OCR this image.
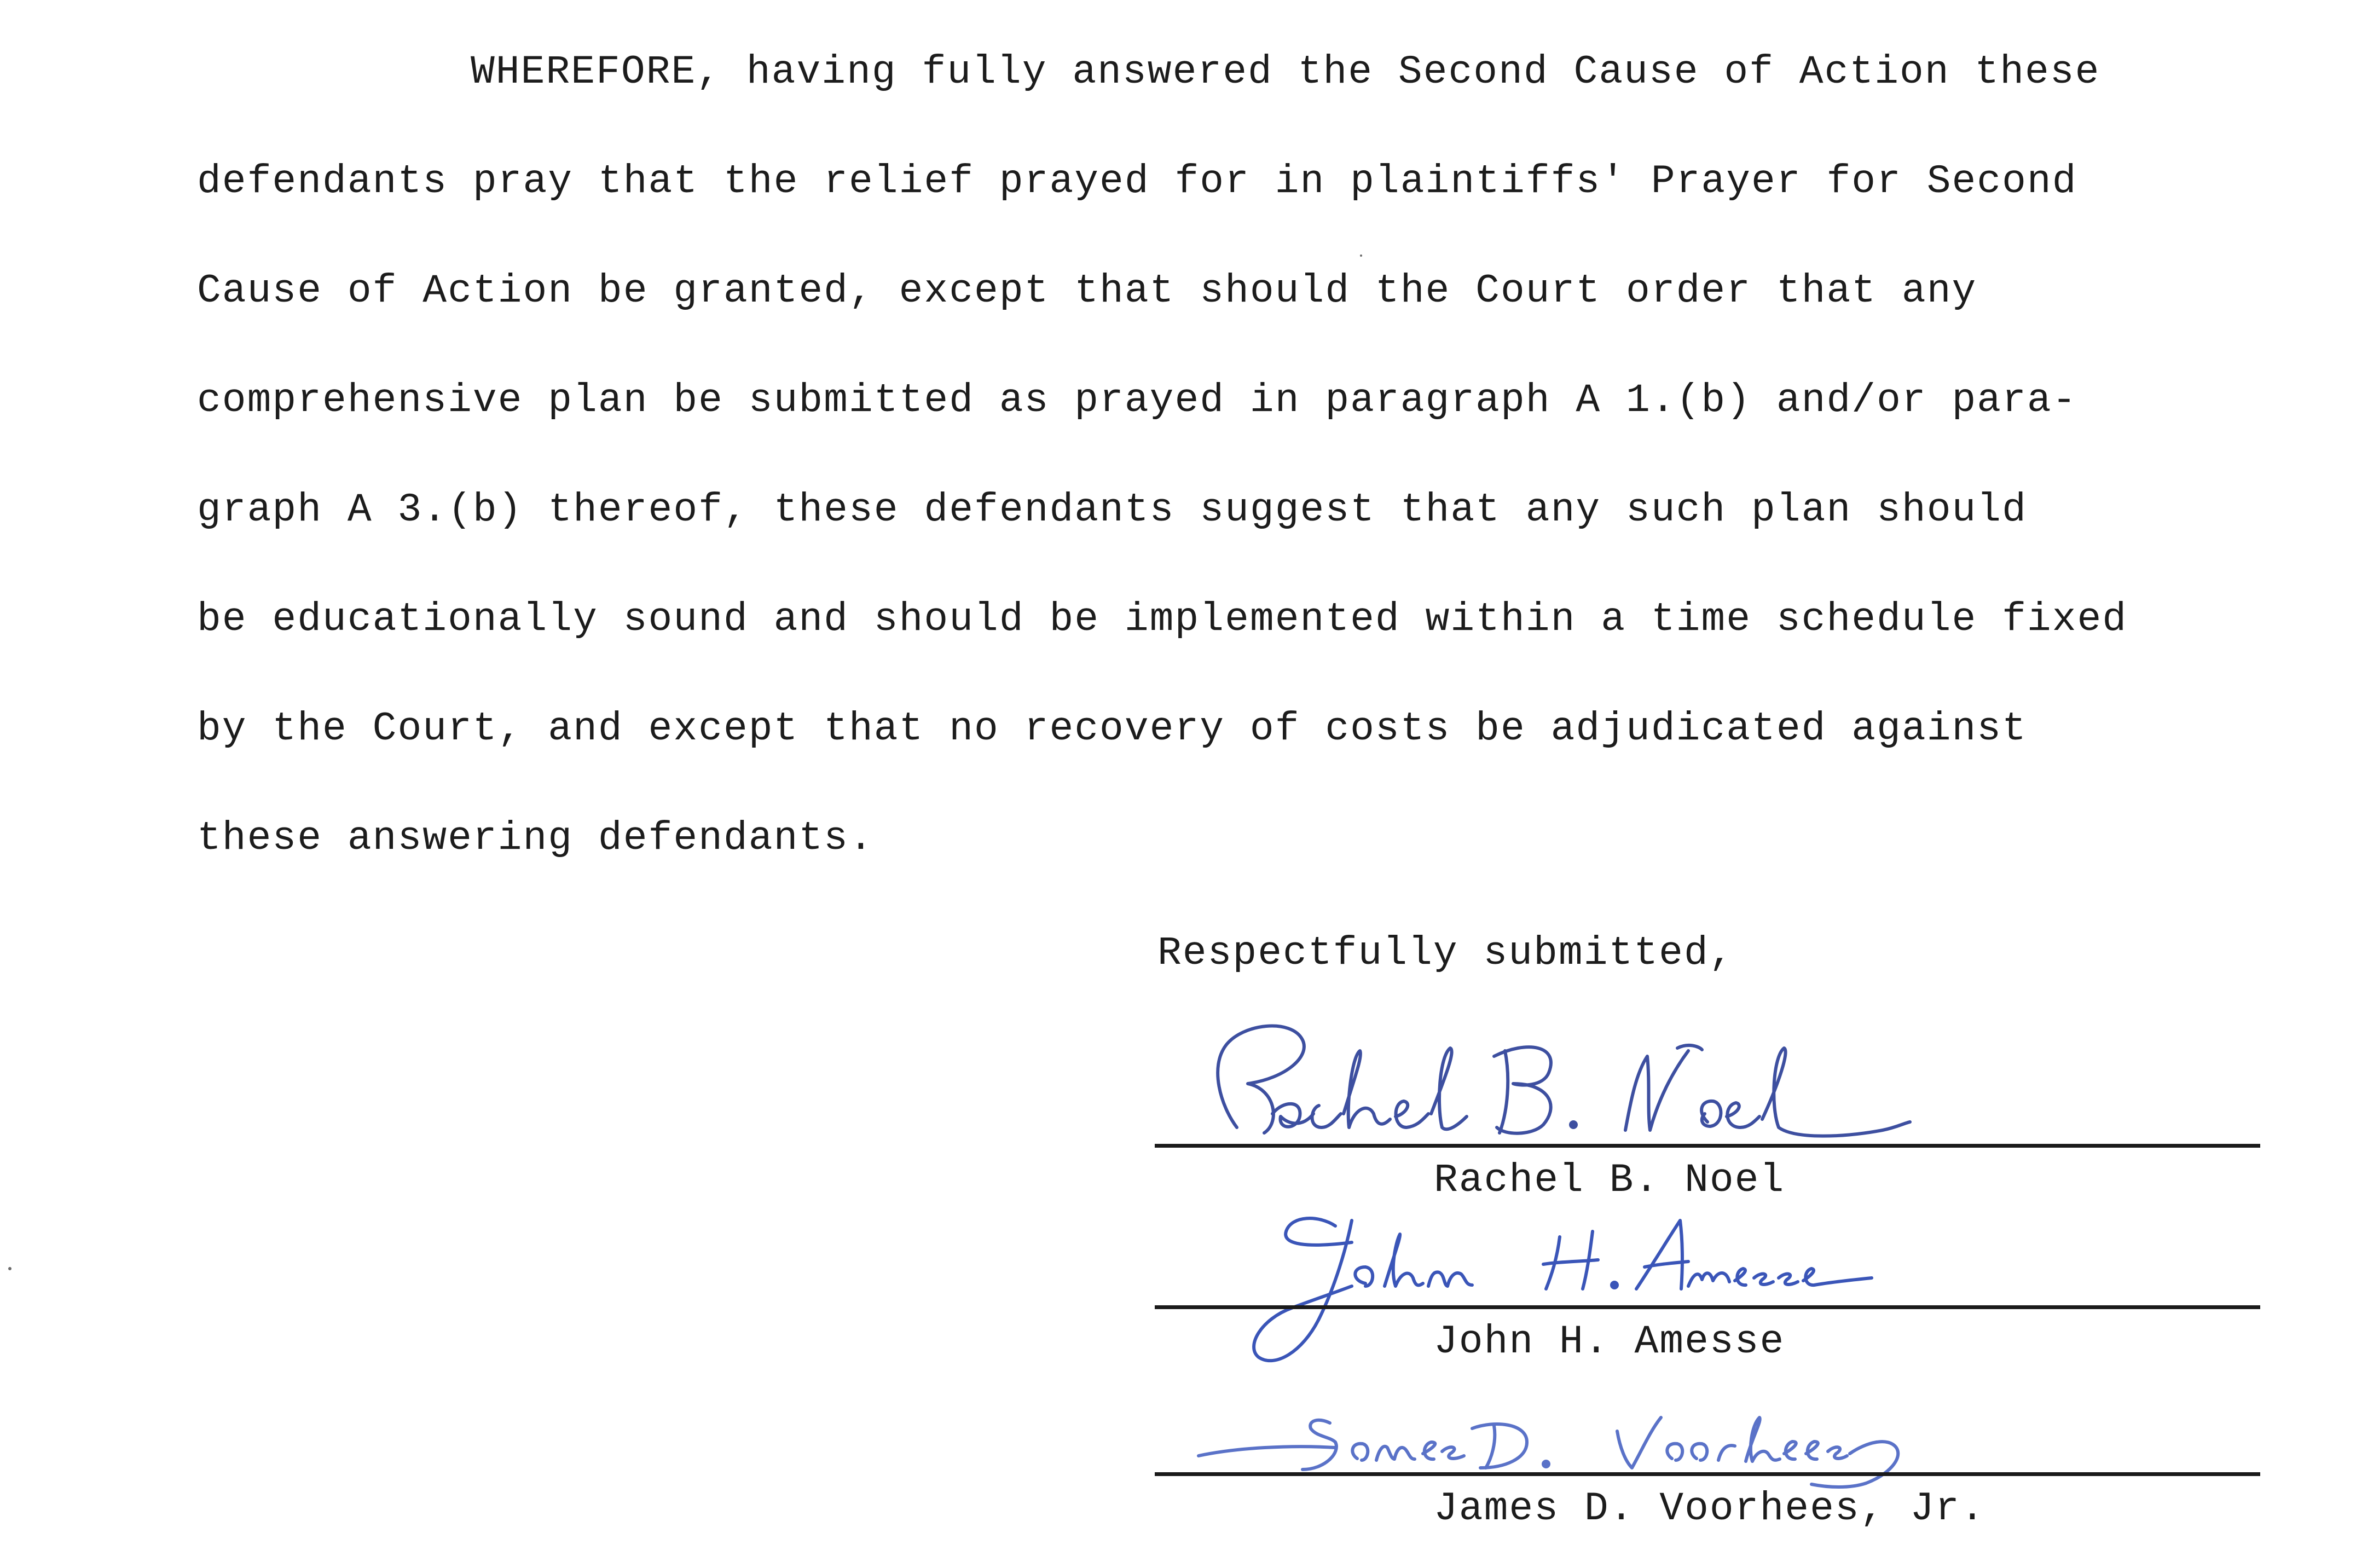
WHEREFORE, having fully answered the Second Cause of Action these
defendants pray that the relief prayed for in plaintiffs' Prayer for Second
Cause of Action be granted, except that should the Court order that any
comprehensive plan be submitted as prayed in paragraph A 1.(b) and/or para-
graph A 3.(b) thereof, these defendants suggest that any such plan should
be educationally sound and should be implemented within a time schedule fixed
by the Court, and except that no recovery of costs be adjudicated against
these answering defendants.
Respectfully submitted,
Rachel B. Noel
John H. Amesse
James D. Voorhees, Jr.
